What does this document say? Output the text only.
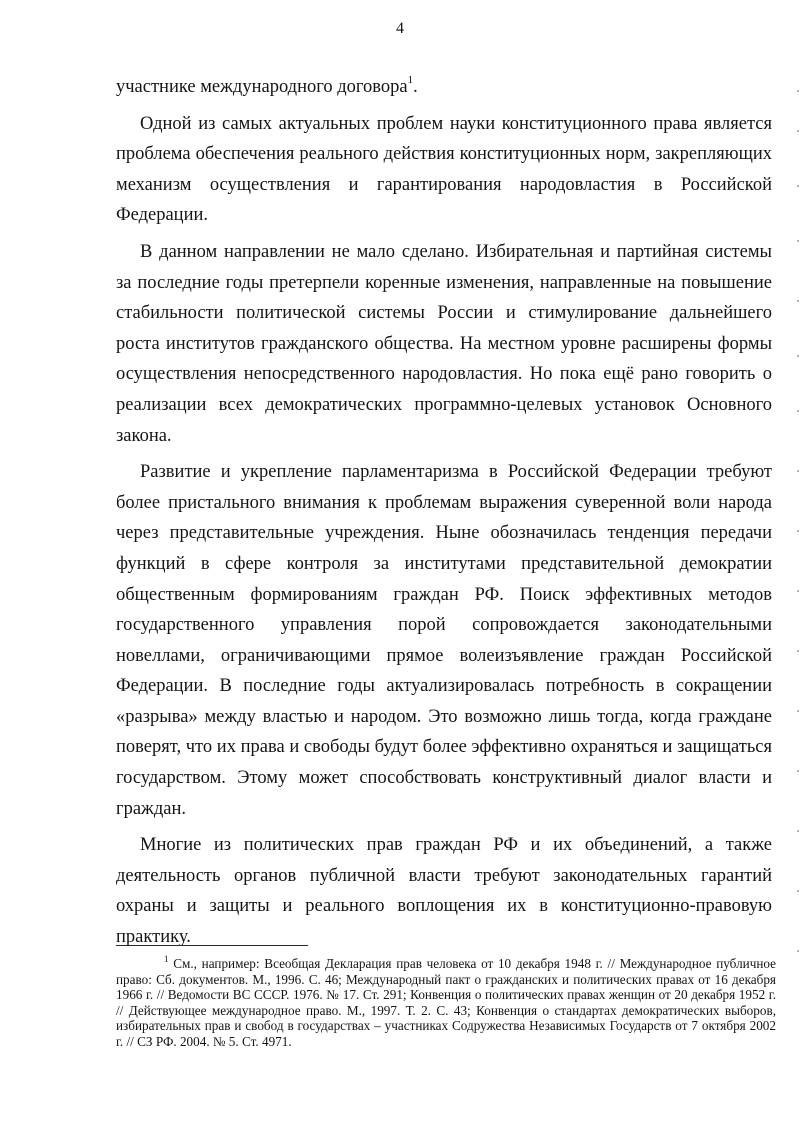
4

участнике международного договора$^1$.

Одной из самых актуальных проблем науки конституционного права является проблема обеспечения реального действия конституционных норм, закрепляющих механизм осуществления и гарантирования народовластия в Российской Федерации.

В данном направлении не мало сделано. Избирательная и партийная системы за последние годы претерпели коренные изменения, направленные на повышение стабильности политической системы России и стимулирование дальнейшего роста институтов гражданского общества. На местном уровне расширены формы осуществления непосредственного народовластия. Но пока ещё рано говорить о реализации всех демократических программно-целевых установок Основного закона.

Развитие и укрепление парламентаризма в Российской Федерации требуют более пристального внимания к проблемам выражения суверенной воли народа через представительные учреждения. Ныне обозначилась тенденция передачи функций в сфере контроля за институтами представительной демократии общественным формированиям граждан РФ. Поиск эффективных методов государственного управления порой сопровождается законодательными новеллами, ограничивающими прямое волеизъявление граждан Российской Федерации. В последние годы актуализировалась потребность в сокращении «разрыва» между властью и народом. Это возможно лишь тогда, когда граждане поверят, что их права и свободы будут более эффективно охраняться и защищаться государством. Этому может способствовать конструктивный диалог власти и граждан.

Многие из политических прав граждан РФ и их объединений, а также деятельность органов публичной власти требуют законодательных гарантий охраны и защиты и реального воплощения их в конституционно-правовую практику.

$^1$ См., например: Всеобщая Декларация прав человека от 10 декабря 1948 г. // Международное публичное право: Сб. документов. М., 1996. С. 46; Международный пакт о гражданских и политических правах от 16 декабря 1966 г. // Ведомости ВС СССР. 1976. № 17. Ст. 291; Конвенция о политических правах женщин от 20 декабря 1952 г. // Действующее международное право. М., 1997. Т. 2. С. 43; Конвенция о стандартах демократических выборов, избирательных прав и свобод в государствах – участниках Содружества Независимых Государств от 7 октября 2002 г. // СЗ РФ. 2004. № 5. Ст. 4971.
